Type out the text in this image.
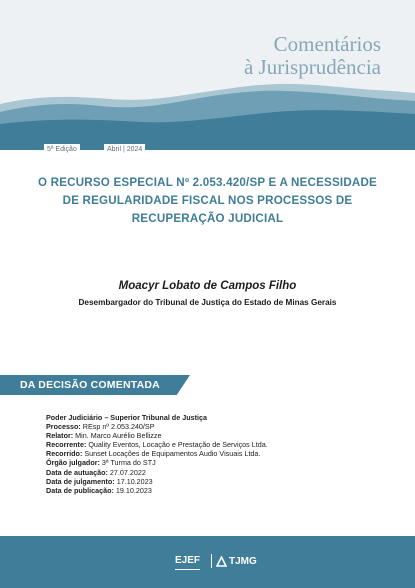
Comentários
à Jurisprudência
5ª Edição	Abril | 2024
O RECURSO ESPECIAL Nº 2.053.420/SP E A NECESSIDADE
DE REGULARIDADE FISCAL NOS PROCESSOS DE
RECUPERAÇÃO JUDICIAL
Moacyr Lobato de Campos Filho
Desembargador do Tribunal de Justiça do Estado de Minas Gerais
DA DECISÃO COMENTADA
Poder Judiciário – Superior Tribunal de Justiça
Processo: REsp nº 2.053.240/SP
Relator: Min. Marco Aurélio Bellizze
Recorrente: Quality Eventos, Locação e Prestação de Serviços Ltda.
Recorrido: Sunset Locações de Equipamentos Audio Visuais Ltda.
Órgão julgador: 3ª Turma do STJ
Data de autuação: 27.07.2022
Data de julgamento: 17.10.2023
Data de publicação: 19.10.2023
EJEF	TJMG
